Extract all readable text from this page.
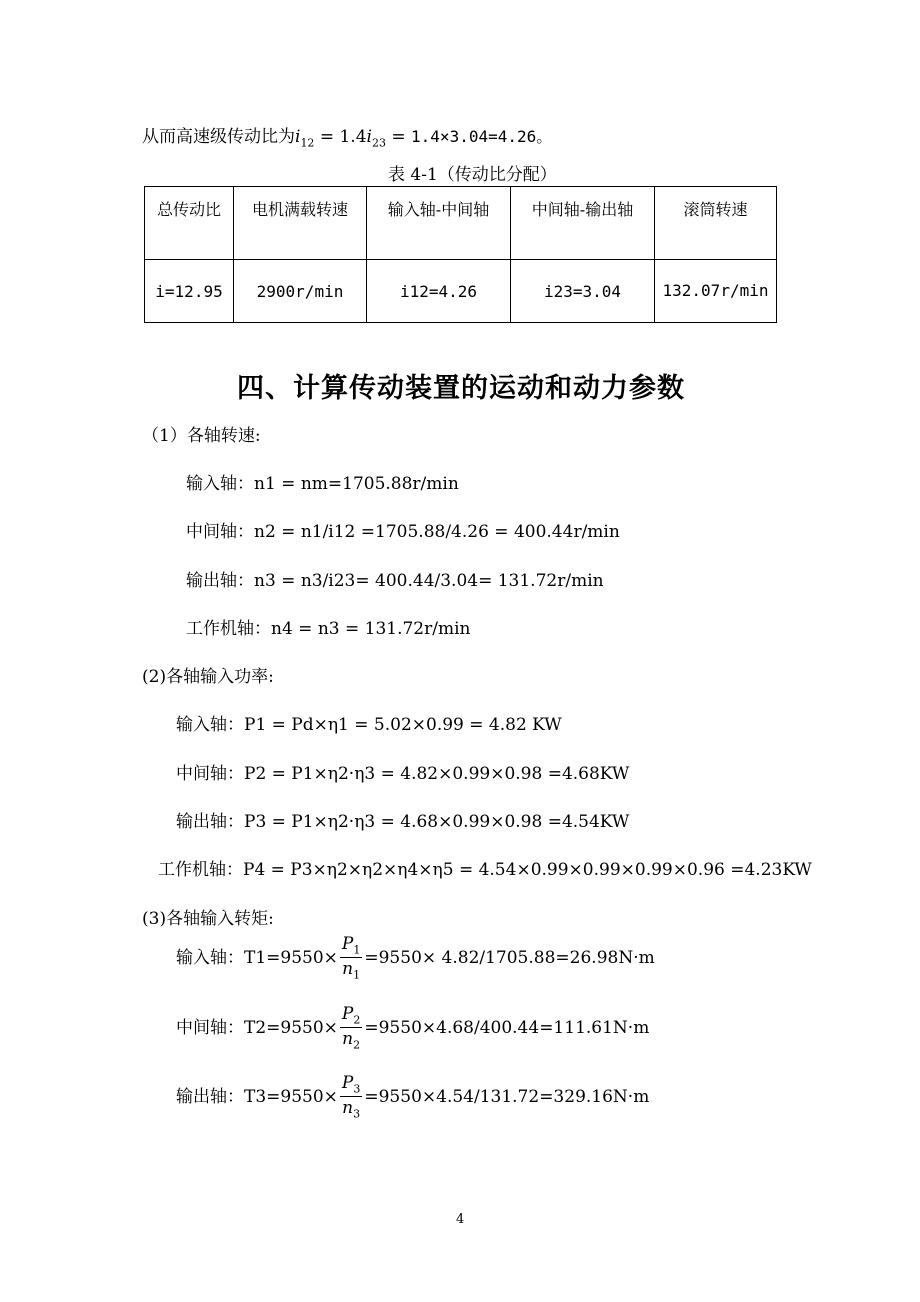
从而高速级传动比为$i_{12} = 1.4i_{23} = 1.4\times 3.04=4.26$。
表 4-1（传动比分配）
总传动比	电机满载转速	输入轴-中间轴	中间轴-输出轴	滚筒转速
i=12.95	2900r/min	i12=4.26	i23=3.04	132.07r/min
四、计算传动装置的运动和动力参数
（1）各轴转速:
输入轴：n1 = nm=1705.88r/min
中间轴：n2 = n1/i12 =1705.88/4.26 = 400.44r/min
输出轴：n3 = n3/i23= 400.44/3.04= 131.72r/min
工作机轴：n4 = n3 = 131.72r/min
(2)各轴输入功率:
输入轴：P1 = Pd×η1 = 5.02×0.99 = 4.82 KW
中间轴：P2 = P1×η2·η3 = 4.82×0.99×0.98 =4.68KW
输出轴：P3 = P1×η2·η3 = 4.68×0.99×0.98 =4.54KW
工作机轴：P4 = P3×η2×η2×η4×η5 = 4.54×0.99×0.99×0.99×0.96 =4.23KW
(3)各轴输入转矩:
输入轴：$T1=9550\times \frac{P_1}{n_1} =9550\times 4.82/1705.88=26.98N\cdot m$
中间轴：$T2=9550\times \frac{P_2}{n_2} =9550\times 4.68/400.44=111.61N\cdot m$
输出轴：$T3=9550\times \frac{P_3}{n_3} =9550\times 4.54/131.72=329.16N\cdot m$
4
